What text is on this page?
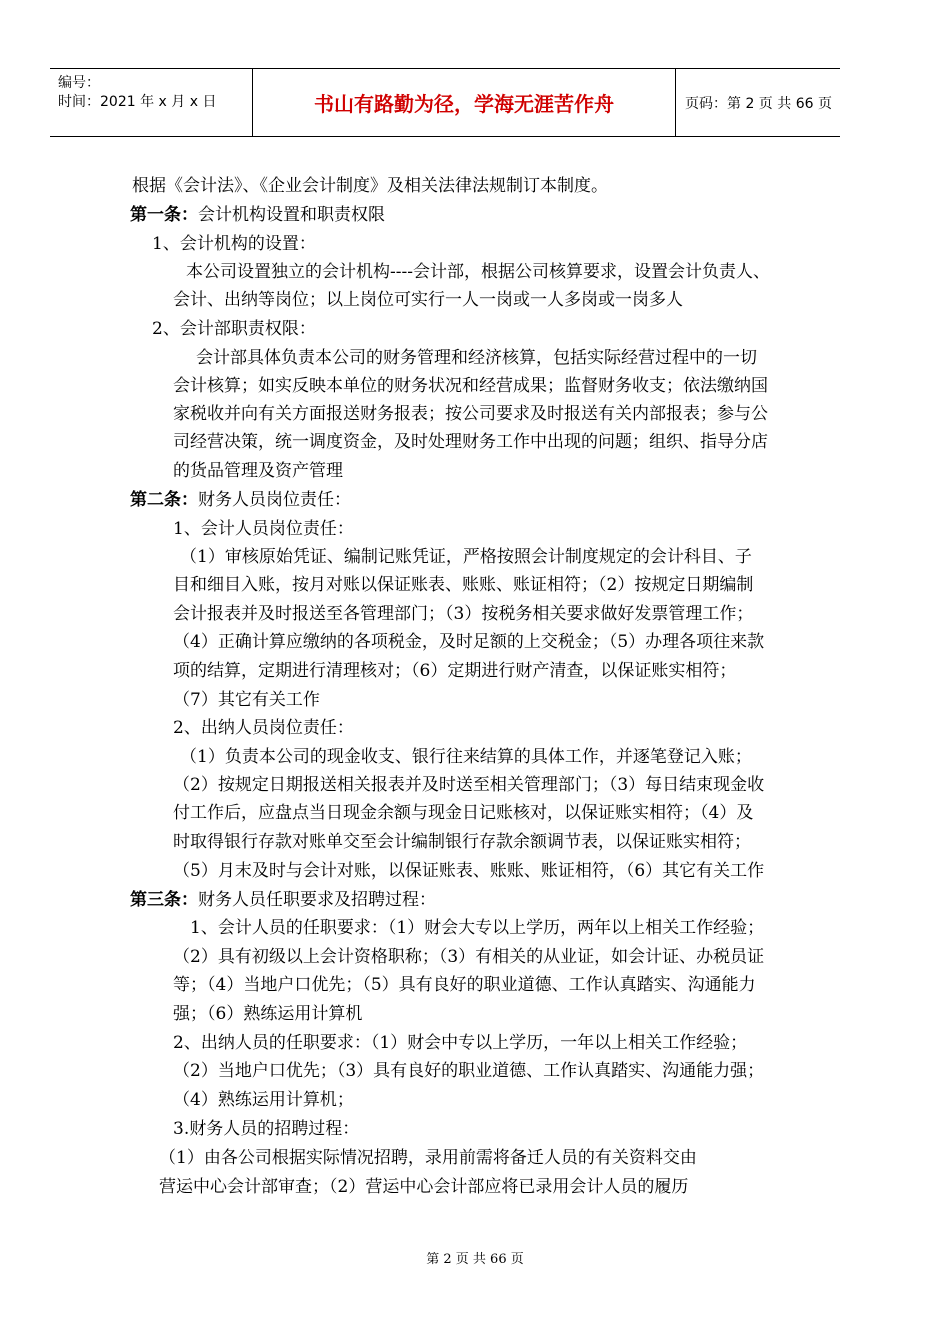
编号：
时间：2021 年 x 月 x 日	书山有路勤为径，学海无涯苦作舟	页码：第 2 页 共 66 页
根据《会计法》、《企业会计制度》及相关法律法规制订本制度。
第一条：会计机构设置和职责权限
1、会计机构的设置：
本公司设置独立的会计机构----会计部，根据公司核算要求，设置会计负责人、
会计、出纳等岗位；以上岗位可实行一人一岗或一人多岗或一岗多人
2、会计部职责权限：
会计部具体负责本公司的财务管理和经济核算，包括实际经营过程中的一切
会计核算；如实反映本单位的财务状况和经营成果；监督财务收支；依法缴纳国
家税收并向有关方面报送财务报表；按公司要求及时报送有关内部报表；参与公
司经营决策，统一调度资金，及时处理财务工作中出现的问题；组织、指导分店
的货品管理及资产管理
第二条：财务人员岗位责任：
1、会计人员岗位责任：
（1）审核原始凭证、编制记账凭证，严格按照会计制度规定的会计科目、子
目和细目入账，按月对账以保证账表、账账、账证相符；（2）按规定日期编制
会计报表并及时报送至各管理部门；（3）按税务相关要求做好发票管理工作；
（4）正确计算应缴纳的各项税金，及时足额的上交税金；（5）办理各项往来款
项的结算，定期进行清理核对；（6）定期进行财产清查，以保证账实相符；
（7）其它有关工作
2、出纳人员岗位责任：
（1）负责本公司的现金收支、银行往来结算的具体工作，并逐笔登记入账；
（2）按规定日期报送相关报表并及时送至相关管理部门；（3）每日结束现金收
付工作后，应盘点当日现金余额与现金日记账核对，以保证账实相符；（4）及
时取得银行存款对账单交至会计编制银行存款余额调节表，以保证账实相符；
（5）月末及时与会计对账，以保证账表、账账、账证相符，（6）其它有关工作
第三条：财务人员任职要求及招聘过程：
1、会计人员的任职要求：（1）财会大专以上学历，两年以上相关工作经验；
（2）具有初级以上会计资格职称；（3）有相关的从业证，如会计证、办税员证
等；（4）当地户口优先；（5）具有良好的职业道德、工作认真踏实、沟通能力
强；（6）熟练运用计算机
2、出纳人员的任职要求：（1）财会中专以上学历，一年以上相关工作经验；
（2）当地户口优先；（3）具有良好的职业道德、工作认真踏实、沟通能力强；
（4）熟练运用计算机；
3.财务人员的招聘过程：
（1）由各公司根据实际情况招聘，录用前需将备迁人员的有关资料交由
营运中心会计部审查；（2）营运中心会计部应将已录用会计人员的履历
第 2 页 共 66 页
